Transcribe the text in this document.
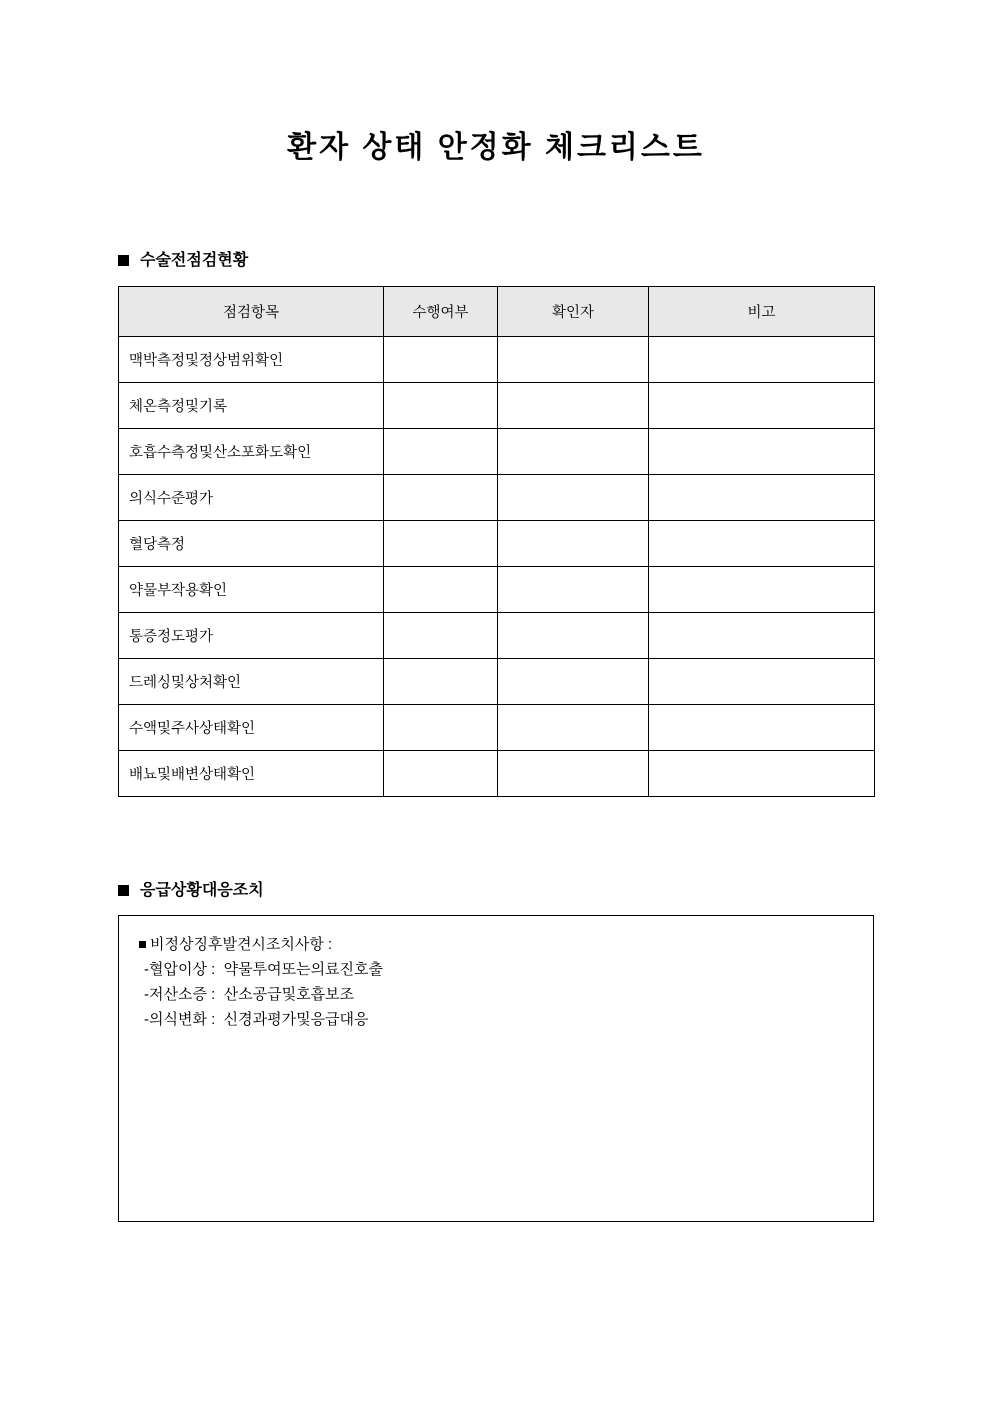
환자 상태 안정화 체크리스트
수술전점검현황
점검항목	수행여부	확인자	비고
맥박측정및정상범위확인			
체온측정및기록			
호흡수측정및산소포화도확인			
의식수준평가			
혈당측정			
약물부작용확인			
통증정도평가			
드레싱및상처확인			
수액및주사상태확인			
배뇨및배변상태확인			
응급상황대응조치
비정상징후발견시조치사항 :
-혈압이상 :  약물투여또는의료진호출
-저산소증 :  산소공급및호흡보조
-의식변화 :  신경과평가및응급대응
